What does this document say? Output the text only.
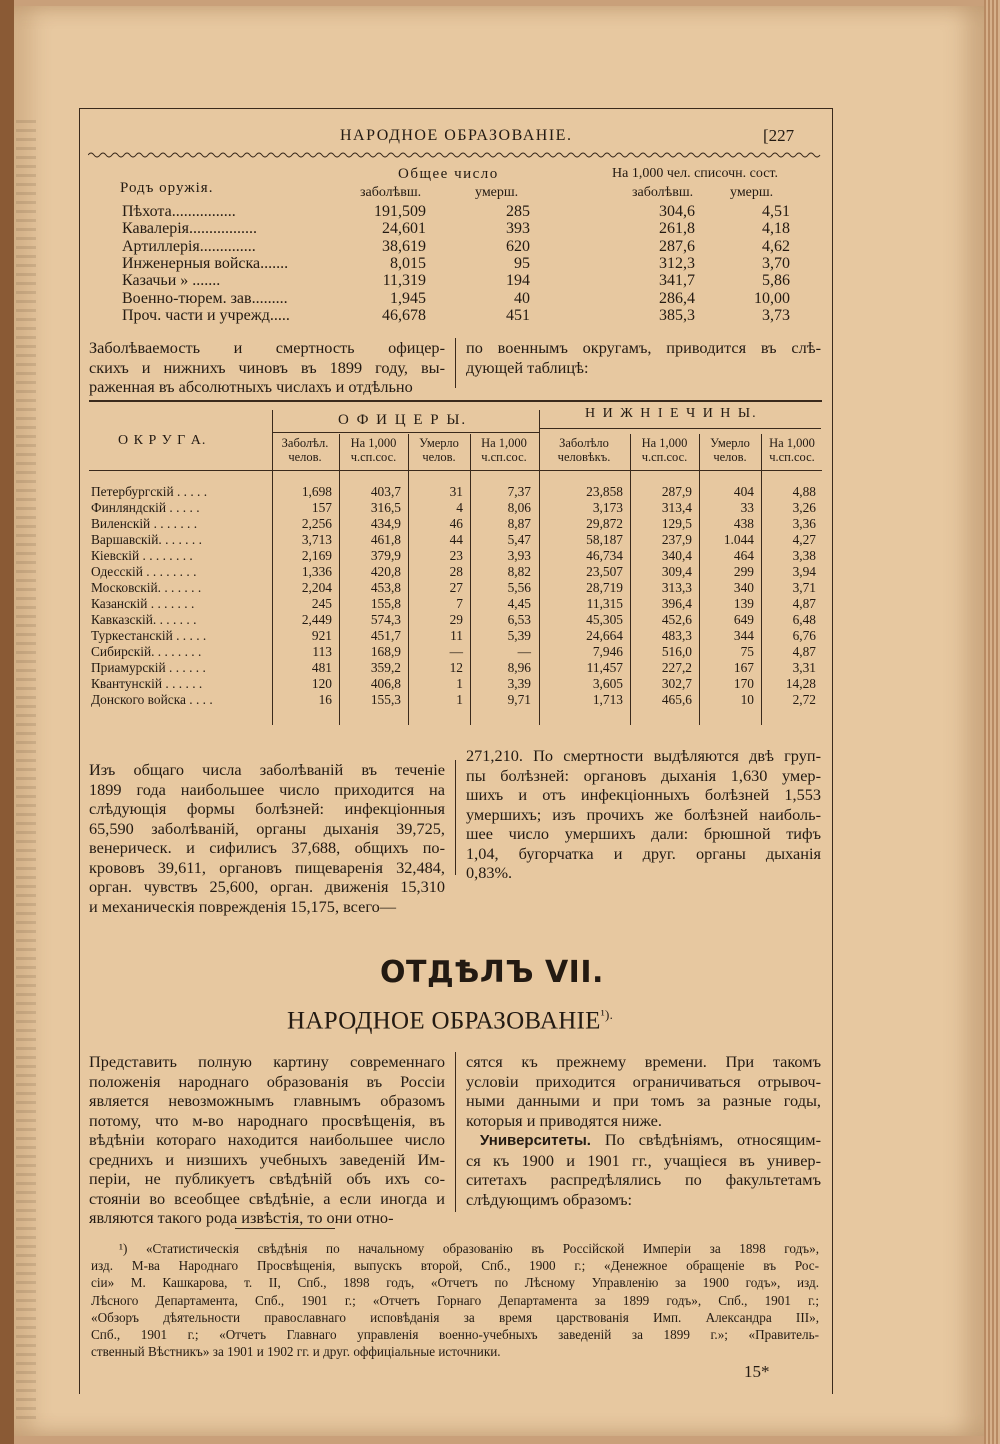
НАРОДНОЕ ОБРАЗОВАНІЕ.	[227
Родъ оружія.
Общее число	На 1,000 чел. списочн. сост.
заболѣвш.	умерш.	заболѣвш.	умерш.
Пѣхота................	191,509	285	304,6	4,51
Кавалерія.................	24,601	393	261,8	4,18
Артиллерія..............	38,619	620	287,6	4,62
Инженерныя войска.......	8,015	95	312,3	3,70
Казачьи » .......	11,319	194	341,7	5,86
Военно-тюрем. зав.........	1,945	40	286,4	10,00
Проч. части и учрежд.....	46,678	451	385,3	3,73
Заболѣваемость и смертность офицер-
скихъ и нижнихъ чиновъ въ 1899 году, вы-
раженная въ абсолютныхъ числахъ и отдѣльно
по военнымъ округамъ, приводится въ слѣ-
дующей таблицѣ:
О К Р У Г А.
О Ф И Ц Е Р Ы.	Н И Ж Н І Е Ч И Н Ы.
Заболѣл. челов.
На 1,000 ч.сп.сос.
Умерло челов.
На 1,000 ч.сп.сос.
Заболѣло человѣкъ.
На 1,000 ч.сп.сос.
Умерло челов.
На 1,000 ч.сп.сос.
Петербургскій . . . . .	1,698	403,7	31	7,37	23,858	287,9	404	4,88
Финляндскій . . . . .	157	316,5	4	8,06	3,173	313,4	33	3,26
Виленскій . . . . . . .	2,256	434,9	46	8,87	29,872	129,5	438	3,36
Варшавскій. . . . . . .	3,713	461,8	44	5,47	58,187	237,9	1.044	4,27
Кіевскій . . . . . . . .	2,169	379,9	23	3,93	46,734	340,4	464	3,38
Одесскій . . . . . . . .	1,336	420,8	28	8,82	23,507	309,4	299	3,94
Московскій. . . . . . .	2,204	453,8	27	5,56	28,719	313,3	340	3,71
Казанскій . . . . . . .	245	155,8	7	4,45	11,315	396,4	139	4,87
Кавказскій. . . . . . .	2,449	574,3	29	6,53	45,305	452,6	649	6,48
Туркестанскій . . . . .	921	451,7	11	5,39	24,664	483,3	344	6,76
Сибирскій. . . . . . . .	113	168,9	—	—	7,946	516,0	75	4,87
Приамурскій . . . . . .	481	359,2	12	8,96	11,457	227,2	167	3,31
Квантунскій . . . . . .	120	406,8	1	3,39	3,605	302,7	170	14,28
Донского войска . . . .	16	155,3	1	9,71	1,713	465,6	10	2,72
Изъ общаго числа заболѣваній въ теченіе
1899 года наибольшее число приходится на
слѣдующія формы болѣзней: инфекціонныя
65,590 заболѣваній, органы дыханія 39,725,
венерическ. и сифилисъ 37,688, общихъ по-
крововъ 39,611, органовъ пищеваренія 32,484,
орган. чувствъ 25,600, орган. движенія 15,310
и механическія поврежденія 15,175, всего—
271,210. По смертности выдѣляются двѣ груп-
пы болѣзней: органовъ дыханія 1,630 умер-
шихъ и отъ инфекціонныхъ болѣзней 1,553
умершихъ; изъ прочихъ же болѣзней наиболь-
шее число умершихъ дали: брюшной тифъ
1,04, бугорчатка и друг. органы дыханія
0,83%.
ОТДѢЛЪ VII.
НАРОДНОЕ $ОБРАЗОВАНІЕ^{^1).}$
Представить полную картину современнаго
положенія народнаго образованія въ Россіи
является невозможнымъ главнымъ образомъ
потому, что м-во народнаго просвѣщенія, въ
вѣдѣніи котораго находится наибольшее число
среднихъ и низшихъ учебныхъ заведеній Им-
періи, не публикуетъ свѣдѣній объ ихъ со-
стояніи во всеобщее свѣдѣніе, а если иногда и
являются такого рода извѣстія, то они отно-
сятся къ прежнему времени. При такомъ
условіи приходится ограничиваться отрывоч-
ными данными и при томъ за разные годы,
которыя и приводятся ниже.
Университеты. По свѣдѣніямъ, относящим-
ся къ 1900 и 1901 гг., учащіеся въ универ-
ситетахъ распредѣлялись по факультетамъ
слѣдующимъ образомъ:
¹) «Статистическія свѣдѣнія по начальному образованію въ Россійской Имперіи за 1898 годъ»,
изд. М-ва Народнаго Просвѣщенія, выпускъ второй, Спб., 1900 г.; «Денежное обращеніе въ Рос-
сіи» М. Кашкарова, т. II, Спб., 1898 годъ, «Отчетъ по Лѣсному Управленію за 1900 годъ», изд.
Лѣсного Департамента, Спб., 1901 г.; «Отчетъ Горнаго Департамента за 1899 годъ», Спб., 1901 г.;
«Обзоръ дѣятельности православнаго исповѣданія за время царствованія Имп. Александра III»,
Спб., 1901 г.; «Отчетъ Главнаго управленія военно-учебныхъ заведеній за 1899 г.»; «Правитель-
ственный Вѣстникъ» за 1901 и 1902 гг. и друг. оффиціальные источники.
15*
